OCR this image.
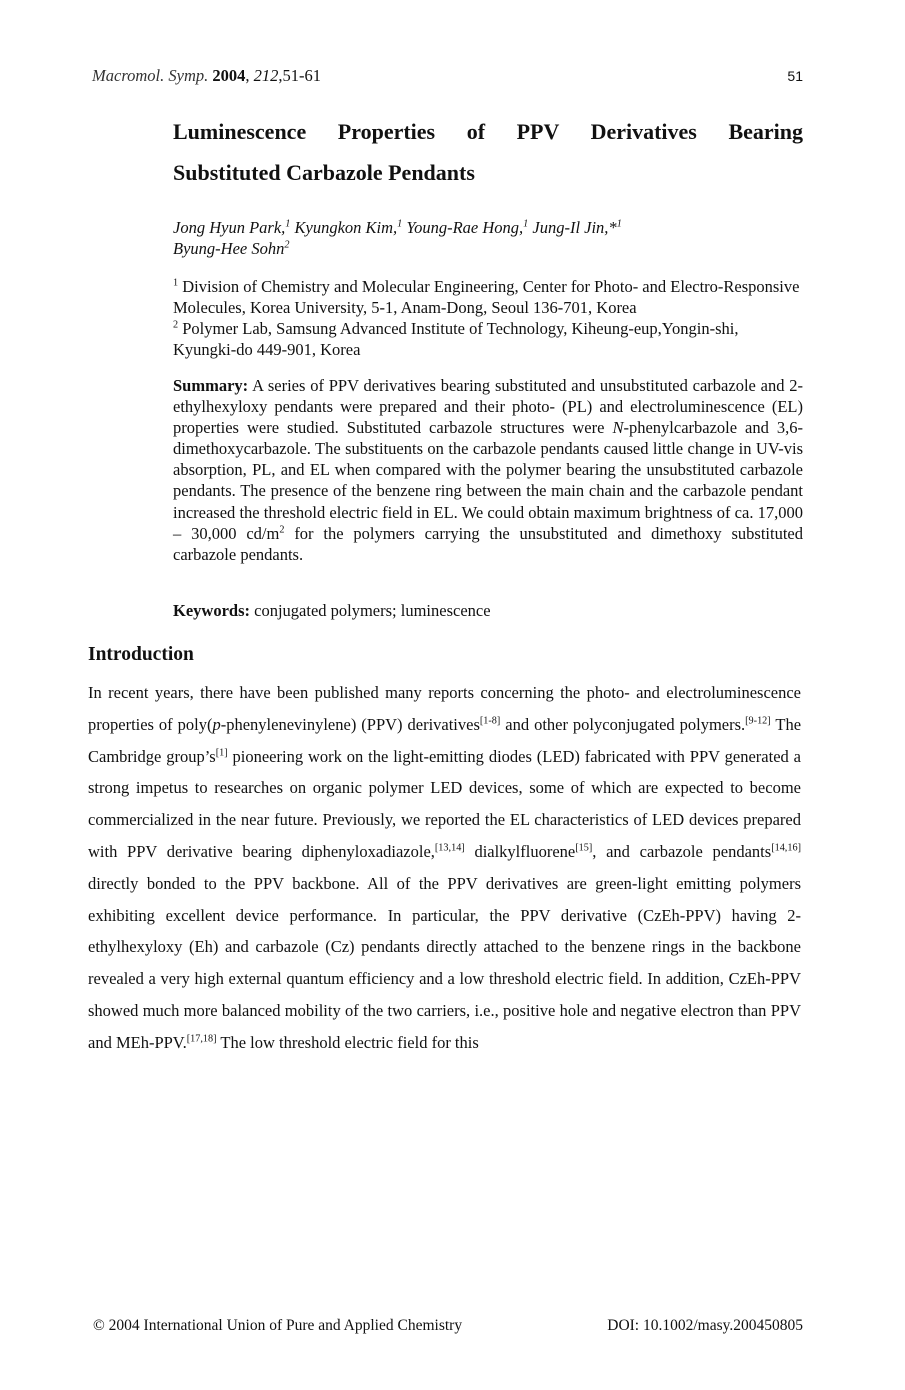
Macromol. Symp. 2004, 212,51-61	51
Luminescence Properties of PPV Derivatives Bearing
Substituted Carbazole Pendants
Jong Hyun Park,$^1$ Kyungkon Kim,$^1$ Young-Rae Hong,$^1$ Jung-Il Jin,*$^1$
Byung-Hee Sohn$^2$
$^1$ Division of Chemistry and Molecular Engineering, Center for Photo- and Electro-Responsive Molecules, Korea University, 5-1, Anam-Dong, Seoul 136-701, Korea
$^2$ Polymer Lab, Samsung Advanced Institute of Technology, Kiheung-eup,Yongin-shi, Kyungki-do 449-901, Korea

Summary: A series of PPV derivatives bearing substituted and unsubstituted carbazole and 2-ethylhexyloxy pendants were prepared and their photo- (PL) and electroluminescence (EL) properties were studied. Substituted carbazole structures were N-phenylcarbazole and 3,6-dimethoxycarbazole. The substituents on the carbazole pendants caused little change in UV-vis absorption, PL, and EL when compared with the polymer bearing the unsubstituted carbazole pendants. The presence of the benzene ring between the main chain and the carbazole pendant increased the threshold electric field in EL. We could obtain maximum brightness of ca. 17,000 – 30,000 $cd/m^2$ for the polymers carrying the unsubstituted and dimethoxy substituted carbazole pendants.

Keywords: conjugated polymers; luminescence
Introduction

In recent years, there have been published many reports concerning the photo- and electroluminescence properties of poly(p-phenylenevinylene) (PPV) derivatives[1-8] and other polyconjugated polymers.[9-12] The Cambridge group’s[1] pioneering work on the light-emitting diodes (LED) fabricated with PPV generated a strong impetus to researches on organic polymer LED devices, some of which are expected to become commercialized in the near future. Previously, we reported the EL characteristics of LED devices prepared with PPV derivative bearing diphenyloxadiazole,[13,14] dialkylfluorene[15], and carbazole pendants[14,16] directly bonded to the PPV backbone. All of the PPV derivatives are green-light emitting polymers exhibiting excellent device performance. In particular, the PPV derivative (CzEh-PPV) having 2-ethylhexyloxy (Eh) and carbazole (Cz) pendants directly attached to the benzene rings in the backbone revealed a very high external quantum efficiency and a low threshold electric field. In addition, CzEh-PPV showed much more balanced mobility of the two carriers, i.e., positive hole and negative electron than PPV and MEh-PPV.[17,18] The low threshold electric field for this

© 2004 International Union of Pure and Applied Chemistry	DOI: 10.1002/masy.200450805
